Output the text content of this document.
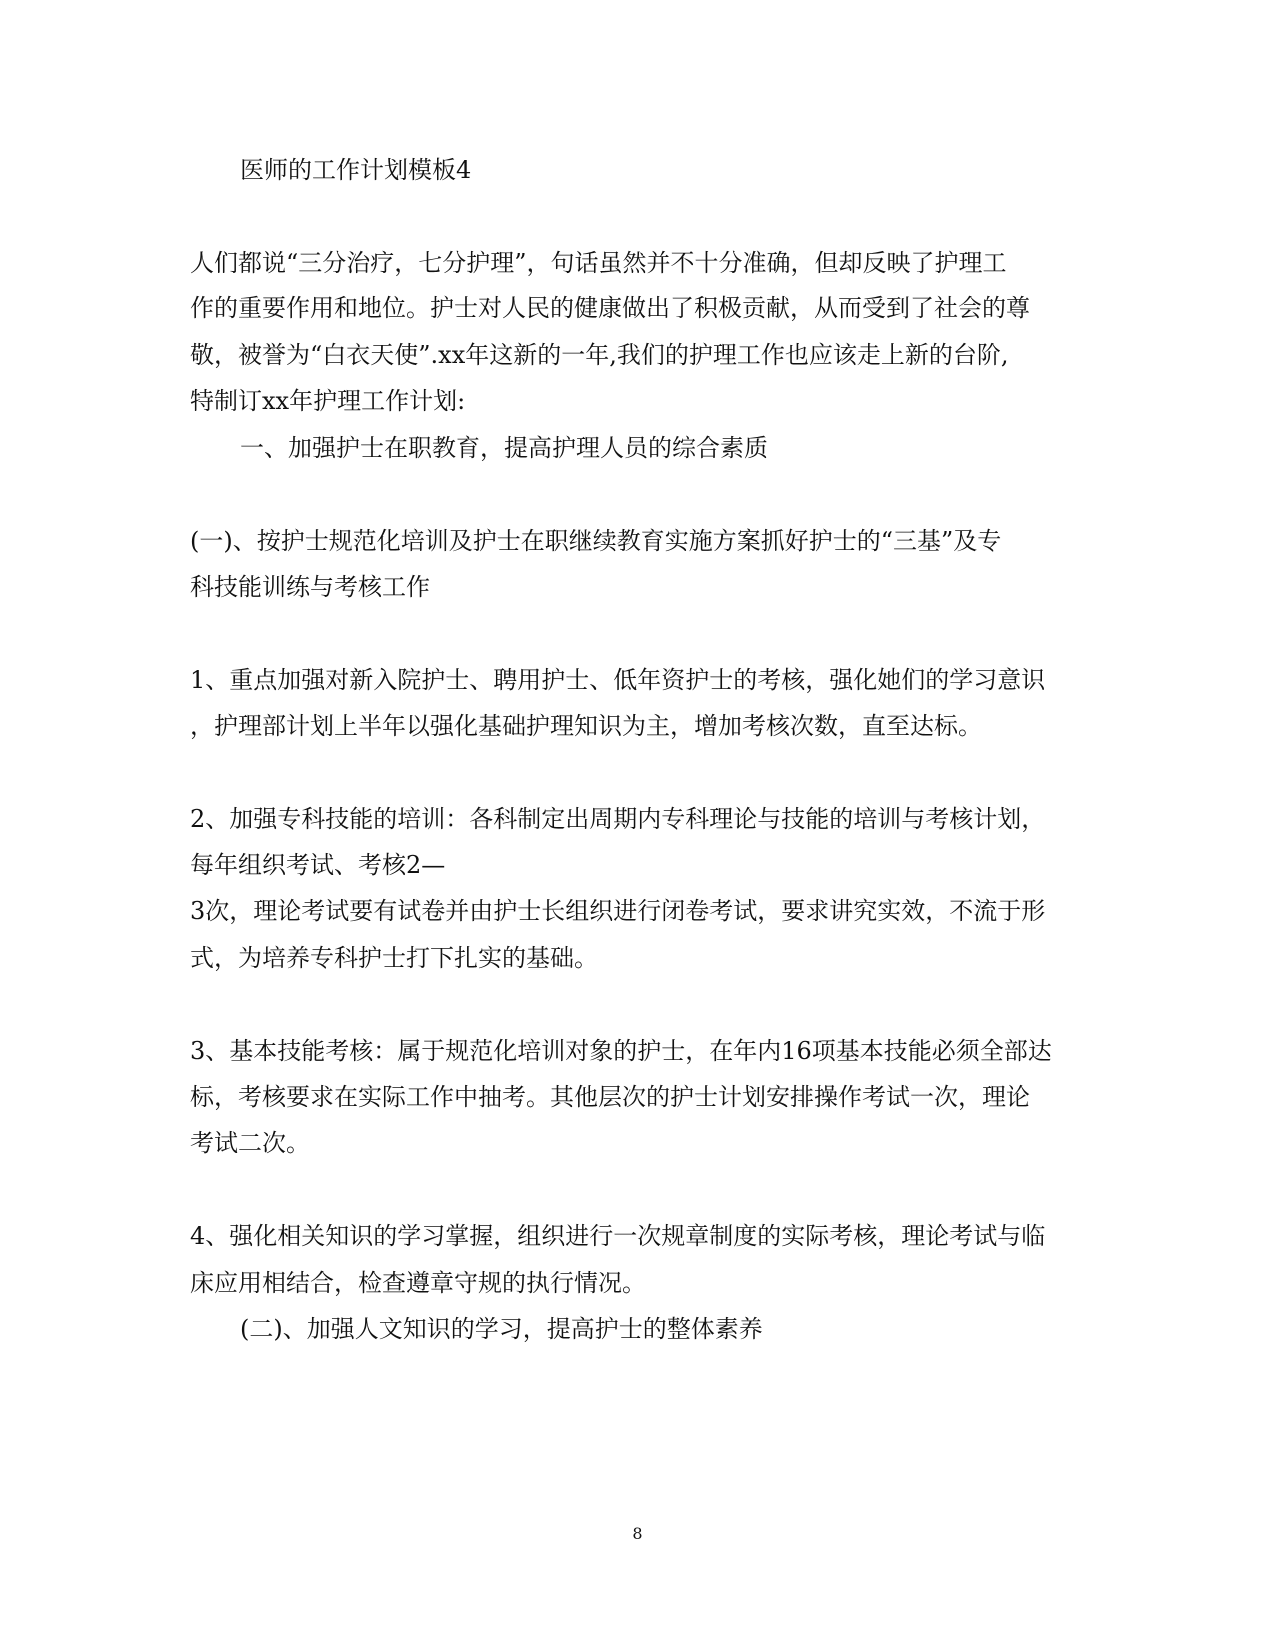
医师的工作计划模板4

人们都说“三分治疗，七分护理”，句话虽然并不十分准确，但却反映了护理工

作的重要作用和地位。护士对人民的健康做出了积极贡献，从而受到了社会的尊

敬，被誉为“白衣天使”.xx年这新的一年,我们的护理工作也应该走上新的台阶,

特制订xx年护理工作计划:

一、加强护士在职教育，提高护理人员的综合素质

(一)、按护士规范化培训及护士在职继续教育实施方案抓好护士的“三基”及专

科技能训练与考核工作

1、重点加强对新入院护士、聘用护士、低年资护士的考核，强化她们的学习意识

，护理部计划上半年以强化基础护理知识为主，增加考核次数，直至达标。

2、加强专科技能的培训：各科制定出周期内专科理论与技能的培训与考核计划，

每年组织考试、考核2—

3次，理论考试要有试卷并由护士长组织进行闭卷考试，要求讲究实效，不流于形

式，为培养专科护士打下扎实的基础。

3、基本技能考核：属于规范化培训对象的护士，在年内16项基本技能必须全部达

标，考核要求在实际工作中抽考。其他层次的护士计划安排操作考试一次，理论

考试二次。

4、强化相关知识的学习掌握，组织进行一次规章制度的实际考核，理论考试与临

床应用相结合，检查遵章守规的执行情况。

(二)、加强人文知识的学习，提高护士的整体素养

8
